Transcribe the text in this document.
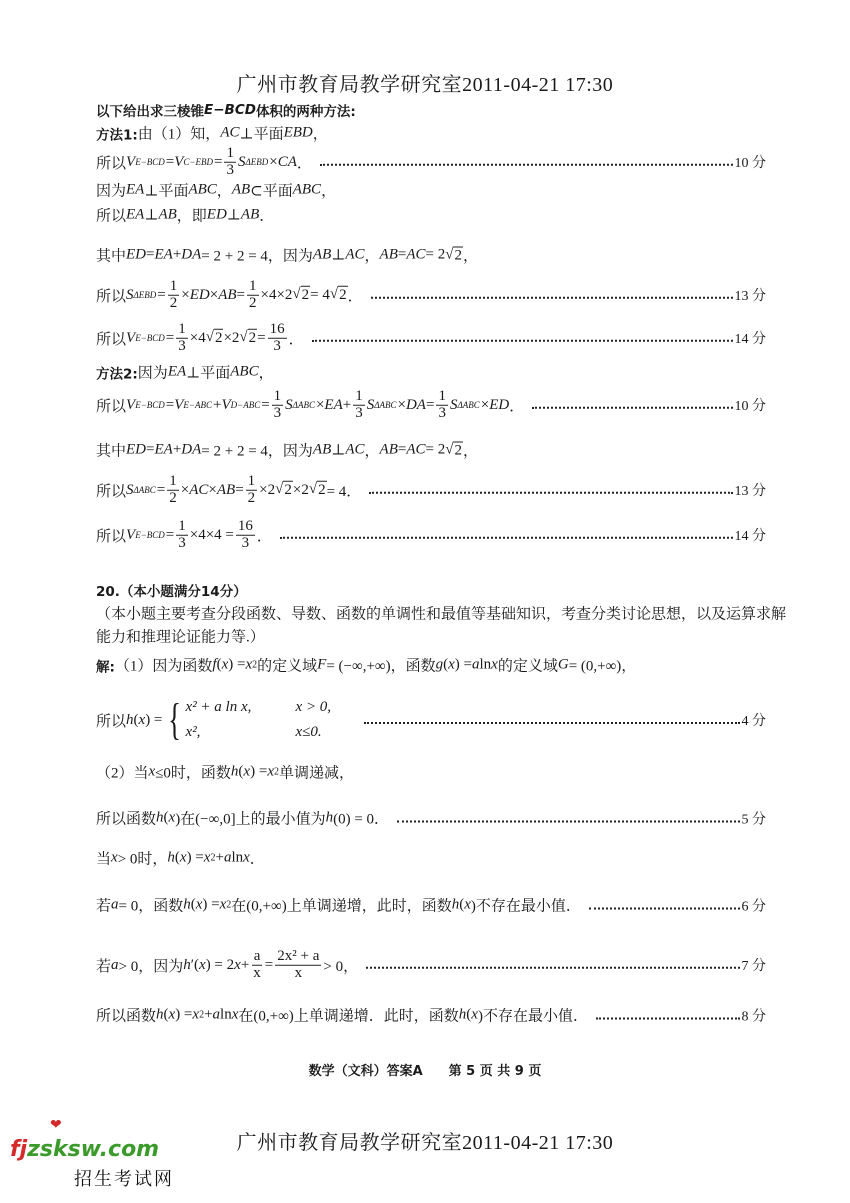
广州市教育局教学研究室2011-04-21 17:30
以下给出求三棱锥 E−BCD 体积的两种方法:
方法1: 由（1）知， AC ⊥平面 EBD ，
所以 V E−BCD = V $C-EBD = \frac{1}{3}$ S ΔEBD × CA ．	10 分
因为 EA ⊥平面 ABC ， AB ⊂平面 ABC ，
所以 EA ⊥ AB ，即 ED ⊥ AB ．
其中 ED = EA + DA = 2 + 2 = 4，因为 AB ⊥ AC ， AB = AC = 2 √ 2 ，
所以 S $\Delta EBD = \frac{1}{2}$ × ED × AB = $\frac{1}{2} \times 4\times 2$ √ 2 = 4 √ 2 ．	13 分
所以 V $E-BCD = \frac{1}{3} \times 4$ √ 2 ×2 √ $2 = \frac{16}{3}$ ．	14 分
方法2: 因为 EA ⊥平面 ABC ，
所以 V E−BCD = V E−ABC + V $D-ABC = \frac{1}{3}$ S ΔABC × EA + $\frac{1}{3}$ S ΔABC × DA = $\frac{1}{3}$ S ΔABC × ED ．	10 分
其中 ED = EA + DA = 2 + 2 = 4，因为 AB ⊥ AC ， AB = AC = 2 √ 2 ，
所以 S $\Delta ABC = \frac{1}{2}$ × AC × AB = $\frac{1}{2} \times 2$ √ 2 ×2 √ 2 = 4．	13 分
所以 V $E-BCD = \frac{1}{3} \times 4\times 4 = \frac{16}{3}$ ．	14 分
20.（本小题满分14分）
（本小题主要考查分段函数、导数、函数的单调性和最值等基础知识，考查分类讨论思想，以及运算求解
能力和推理论证能力等.）
解: （1）因为函数 f ( x ) = x 2 的定义域 F = (−∞,+∞)，函数 g ( x ) = a ln x 的定义域 G = (0,+∞)，
所以 h ( x ) = { x² + a ln x,	x > 0,
x²,	x≤0.
4 分
（2）当 x ≤0时，函数 h ( x ) = x 2 单调递减，
所以函数 h ( x )在(−∞,0]上的最小值为 h (0) = 0．	5 分
当 x > 0时， h ( x ) = x 2 + a ln x ．
若 a = 0，函数 h ( x ) = x 2 在(0,+∞)上单调递增，此时，函数 h ( x )不存在最小值．	6 分
若 a > 0，因为 h ′( x ) = 2 $x + \frac{a}{x} = \frac{\text{2x² + a}}{x} > 0$，	7 分
所以函数 h ( x ) = x 2 + a ln x 在(0,+∞)上单调递增．此时，函数 h ( x )不存在最小值．	8 分
数学（文科）答案A 第 5 页 共 9 页
广州市教育局教学研究室2011-04-21 17:30
❤
fjzsksw.com
招生考试网
